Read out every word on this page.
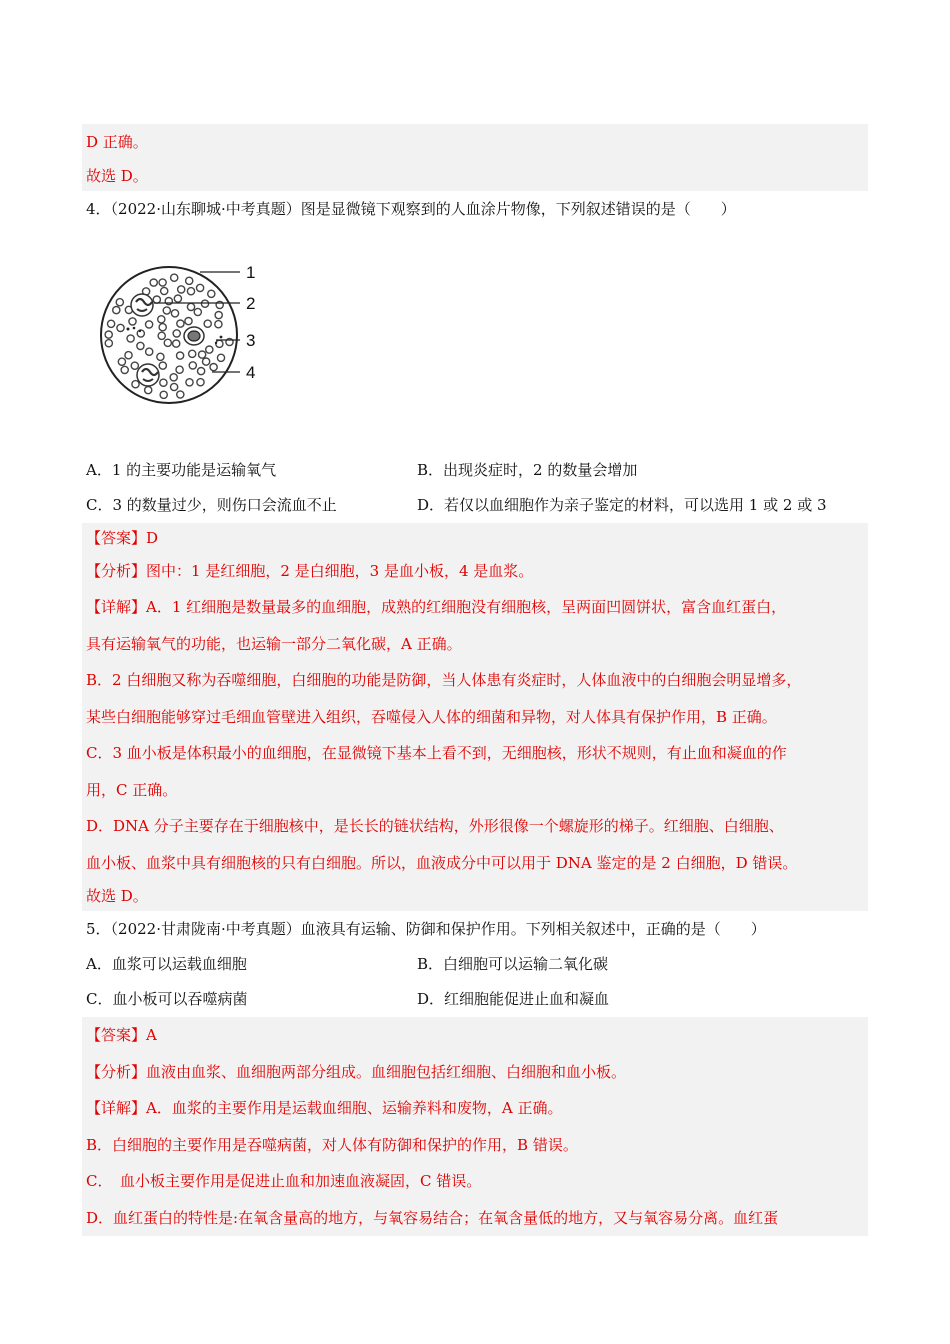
D 正确。
故选 D。
4．（2022·山东聊城·中考真题）图是显微镜下观察到的人血涂片物像，下列叙述错误的是（　　）
1
2
3
4
A．1 的主要功能是运输氧气	B．出现炎症时，2 的数量会增加
C．3 的数量过少，则伤口会流血不止	D．若仅以血细胞作为亲子鉴定的材料，可以选用 1 或 2 或 3
【答案】D
【分析】图中：1 是红细胞，2 是白细胞，3 是血小板，4 是血浆。
【详解】A．1 红细胞是数量最多的血细胞，成熟的红细胞没有细胞核，呈两面凹圆饼状，富含血红蛋白，
具有运输氧气的功能，也运输一部分二氧化碳，A 正确。
B．2 白细胞又称为吞噬细胞，白细胞的功能是防御，当人体患有炎症时，人体血液中的白细胞会明显增多，
某些白细胞能够穿过毛细血管壁进入组织，吞噬侵入人体的细菌和异物，对人体具有保护作用，B 正确。
C．3 血小板是体积最小的血细胞，在显微镜下基本上看不到，无细胞核，形状不规则，有止血和凝血的作
用，C 正确。
D．DNA 分子主要存在于细胞核中，是长长的链状结构，外形很像一个螺旋形的梯子。红细胞、白细胞、
血小板、血浆中具有细胞核的只有白细胞。所以，血液成分中可以用于 DNA 鉴定的是 2 白细胞，D 错误。
故选 D。
5．（2022·甘肃陇南·中考真题）血液具有运输、防御和保护作用。下列相关叙述中，正确的是（　　）
A．血浆可以运载血细胞	B．白细胞可以运输二氧化碳
C．血小板可以吞噬病菌	D．红细胞能促进止血和凝血
【答案】A
【分析】血液由血浆、血细胞两部分组成。血细胞包括红细胞、白细胞和血小板。
【详解】A．血浆的主要作用是运载血细胞、运输养料和废物，A 正确。
B．白细胞的主要作用是吞噬病菌，对人体有防御和保护的作用，B 错误。
C．　血小板主要作用是促进止血和加速血液凝固，C 错误。
D．血红蛋白的特性是:在氧含量高的地方，与氧容易结合；在氧含量低的地方，又与氧容易分离。血红蛋
